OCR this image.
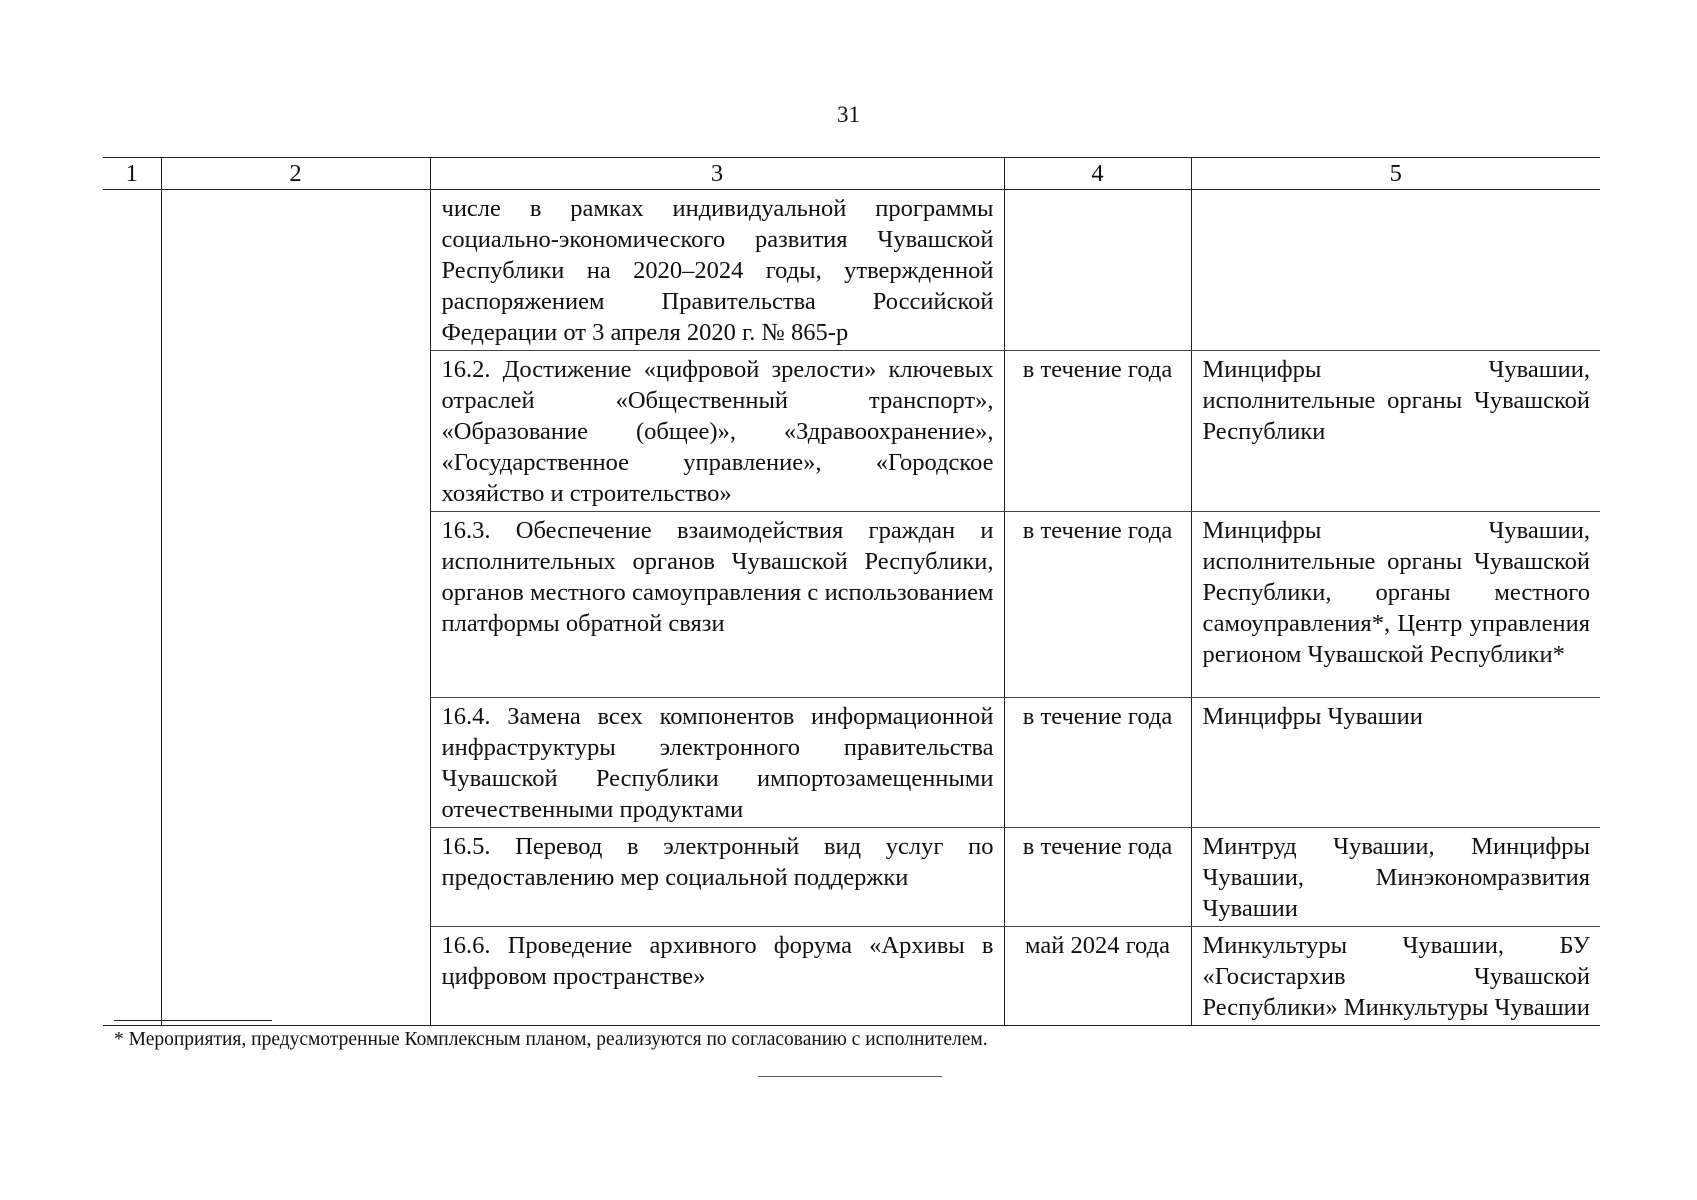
31
1	2	3	4	5
		числе в рамках индивидуальной программы социально-экономического развития Чувашской Республики на 2020–2024 годы, утвержденной распоряжением Правительства Российской Федерации от 3 апреля 2020 г. № 865-р		
		16.2. Достижение «цифровой зрелости» ключевых отраслей «Общественный транспорт», «Образование (общее)», «Здравоохранение», «Государственное управление», «Городское хозяйство и строительство»	в течение года	Минцифры Чувашии, исполнительные органы Чувашской Республики
		16.3. Обеспечение взаимодействия граждан и исполнительных органов Чувашской Республики, органов местного самоуправления с использованием платформы обратной связи	в течение года	Минцифры Чувашии, исполнительные органы Чувашской Республики, органы местного самоуправления*, Центр управления регионом Чувашской Республики*
		16.4. Замена всех компонентов информационной инфраструктуры электронного правительства Чувашской Республики импортозамещенными отечественными продуктами	в течение года	Минцифры Чувашии
		16.5. Перевод в электронный вид услуг по предоставлению мер социальной поддержки	в течение года	Минтруд Чувашии, Минцифры Чувашии, Минэкономразвития Чувашии
		16.6. Проведение архивного форума «Архивы в цифровом пространстве»	май 2024 года	Минкультуры Чувашии, БУ «Госистархив Чувашской Республики» Минкультуры Чувашии
* Мероприятия, предусмотренные Комплексным планом, реализуются по согласованию с исполнителем.
